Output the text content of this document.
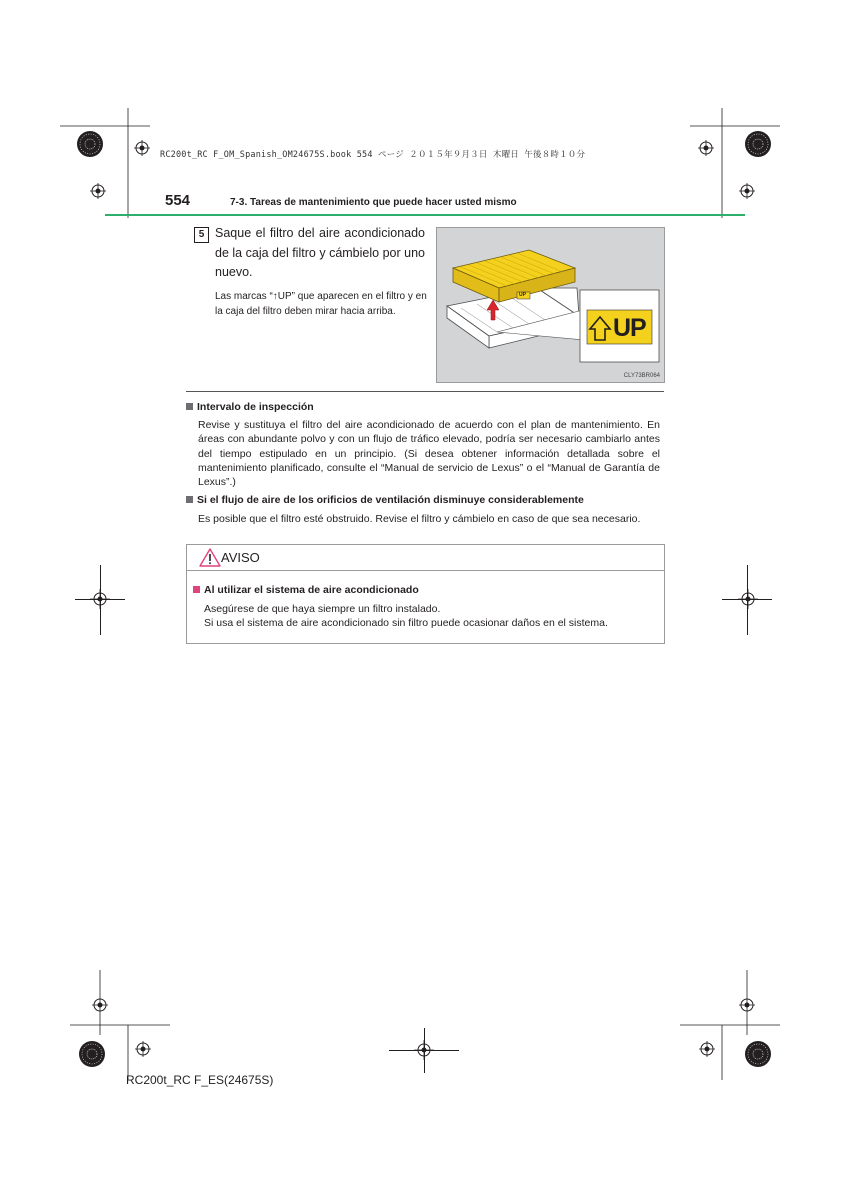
RC200t_RC F_OM_Spanish_OM24675S.book 554 ページ ２０１５年９月３日 木曜日 午後８時１０分
554	7-3. Tareas de mantenimiento que puede hacer usted mismo
5 Saque el filtro del aire acondicionado de la caja del filtro y cámbielo por uno nuevo.
Las marcas “↑UP” que aparecen en el filtro y en la caja del filtro deben mirar hacia arriba.
UP
UP
CLY73BR064
Intervalo de inspección
Revise y sustituya el filtro del aire acondicionado de acuerdo con el plan de mantenimiento. En áreas con abundante polvo y con un flujo de tráfico elevado, podría ser necesario cambiarlo antes del tiempo estipulado en un principio. (Si desea obtener información detallada sobre el mantenimiento planificado, consulte el “Manual de servicio de Lexus” o el “Manual de Garantía de Lexus”.)
Si el flujo de aire de los orificios de ventilación disminuye considerablemente
Es posible que el filtro esté obstruido. Revise el filtro y cámbielo en caso de que sea necesario.
AVISO
Al utilizar el sistema de aire acondicionado
Asegúrese de que haya siempre un filtro instalado.
Si usa el sistema de aire acondicionado sin filtro puede ocasionar daños en el sistema.
RC200t_RC F_ES(24675S)
